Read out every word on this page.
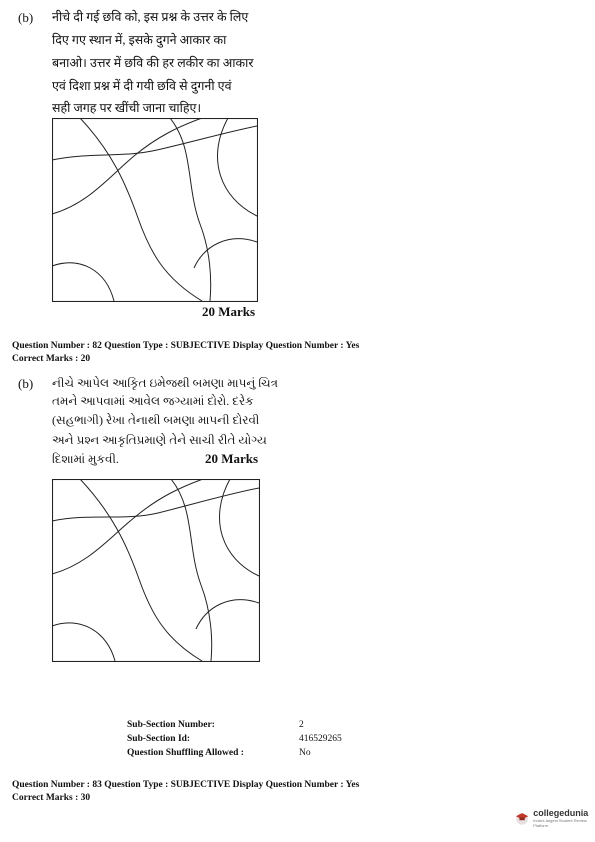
(b) नीचे दी गई छवि को, इस प्रश्न के उत्तर के लिए
दिए गए स्थान में, इसके दुगने आकार का
बनाओ। उत्तर में छवि की हर लकीर का आकार
एवं दिशा प्रश्न में दी गयी छवि से दुगनी एवं
सही जगह पर खींची जाना चाहिए।
20 Marks
Question Number : 82 Question Type : SUBJECTIVE Display Question Number : Yes
Correct Marks : 20
(b) નીચે આપેલ આકૃિત ઇમેજથી બમણા માપનું ચિત્ર
તમને આપવામાં આવેલ જગ્યામાં દોરો. દરેક
(સહભાગી) રેખા તેનાથી બમણા માપની દોરવી
અને પ્રશ્ન આકૃતિપ્રમાણે તેને સાચી રીતે યોગ્ય
દિશામાં મુકવી.	20 Marks
Sub-Section Number:	2
Sub-Section Id:	416529265
Question Shuffling Allowed :	No
Question Number : 83 Question Type : SUBJECTIVE Display Question Number : Yes
Correct Marks : 30
collegedunia
India's largest Student Review Platform
